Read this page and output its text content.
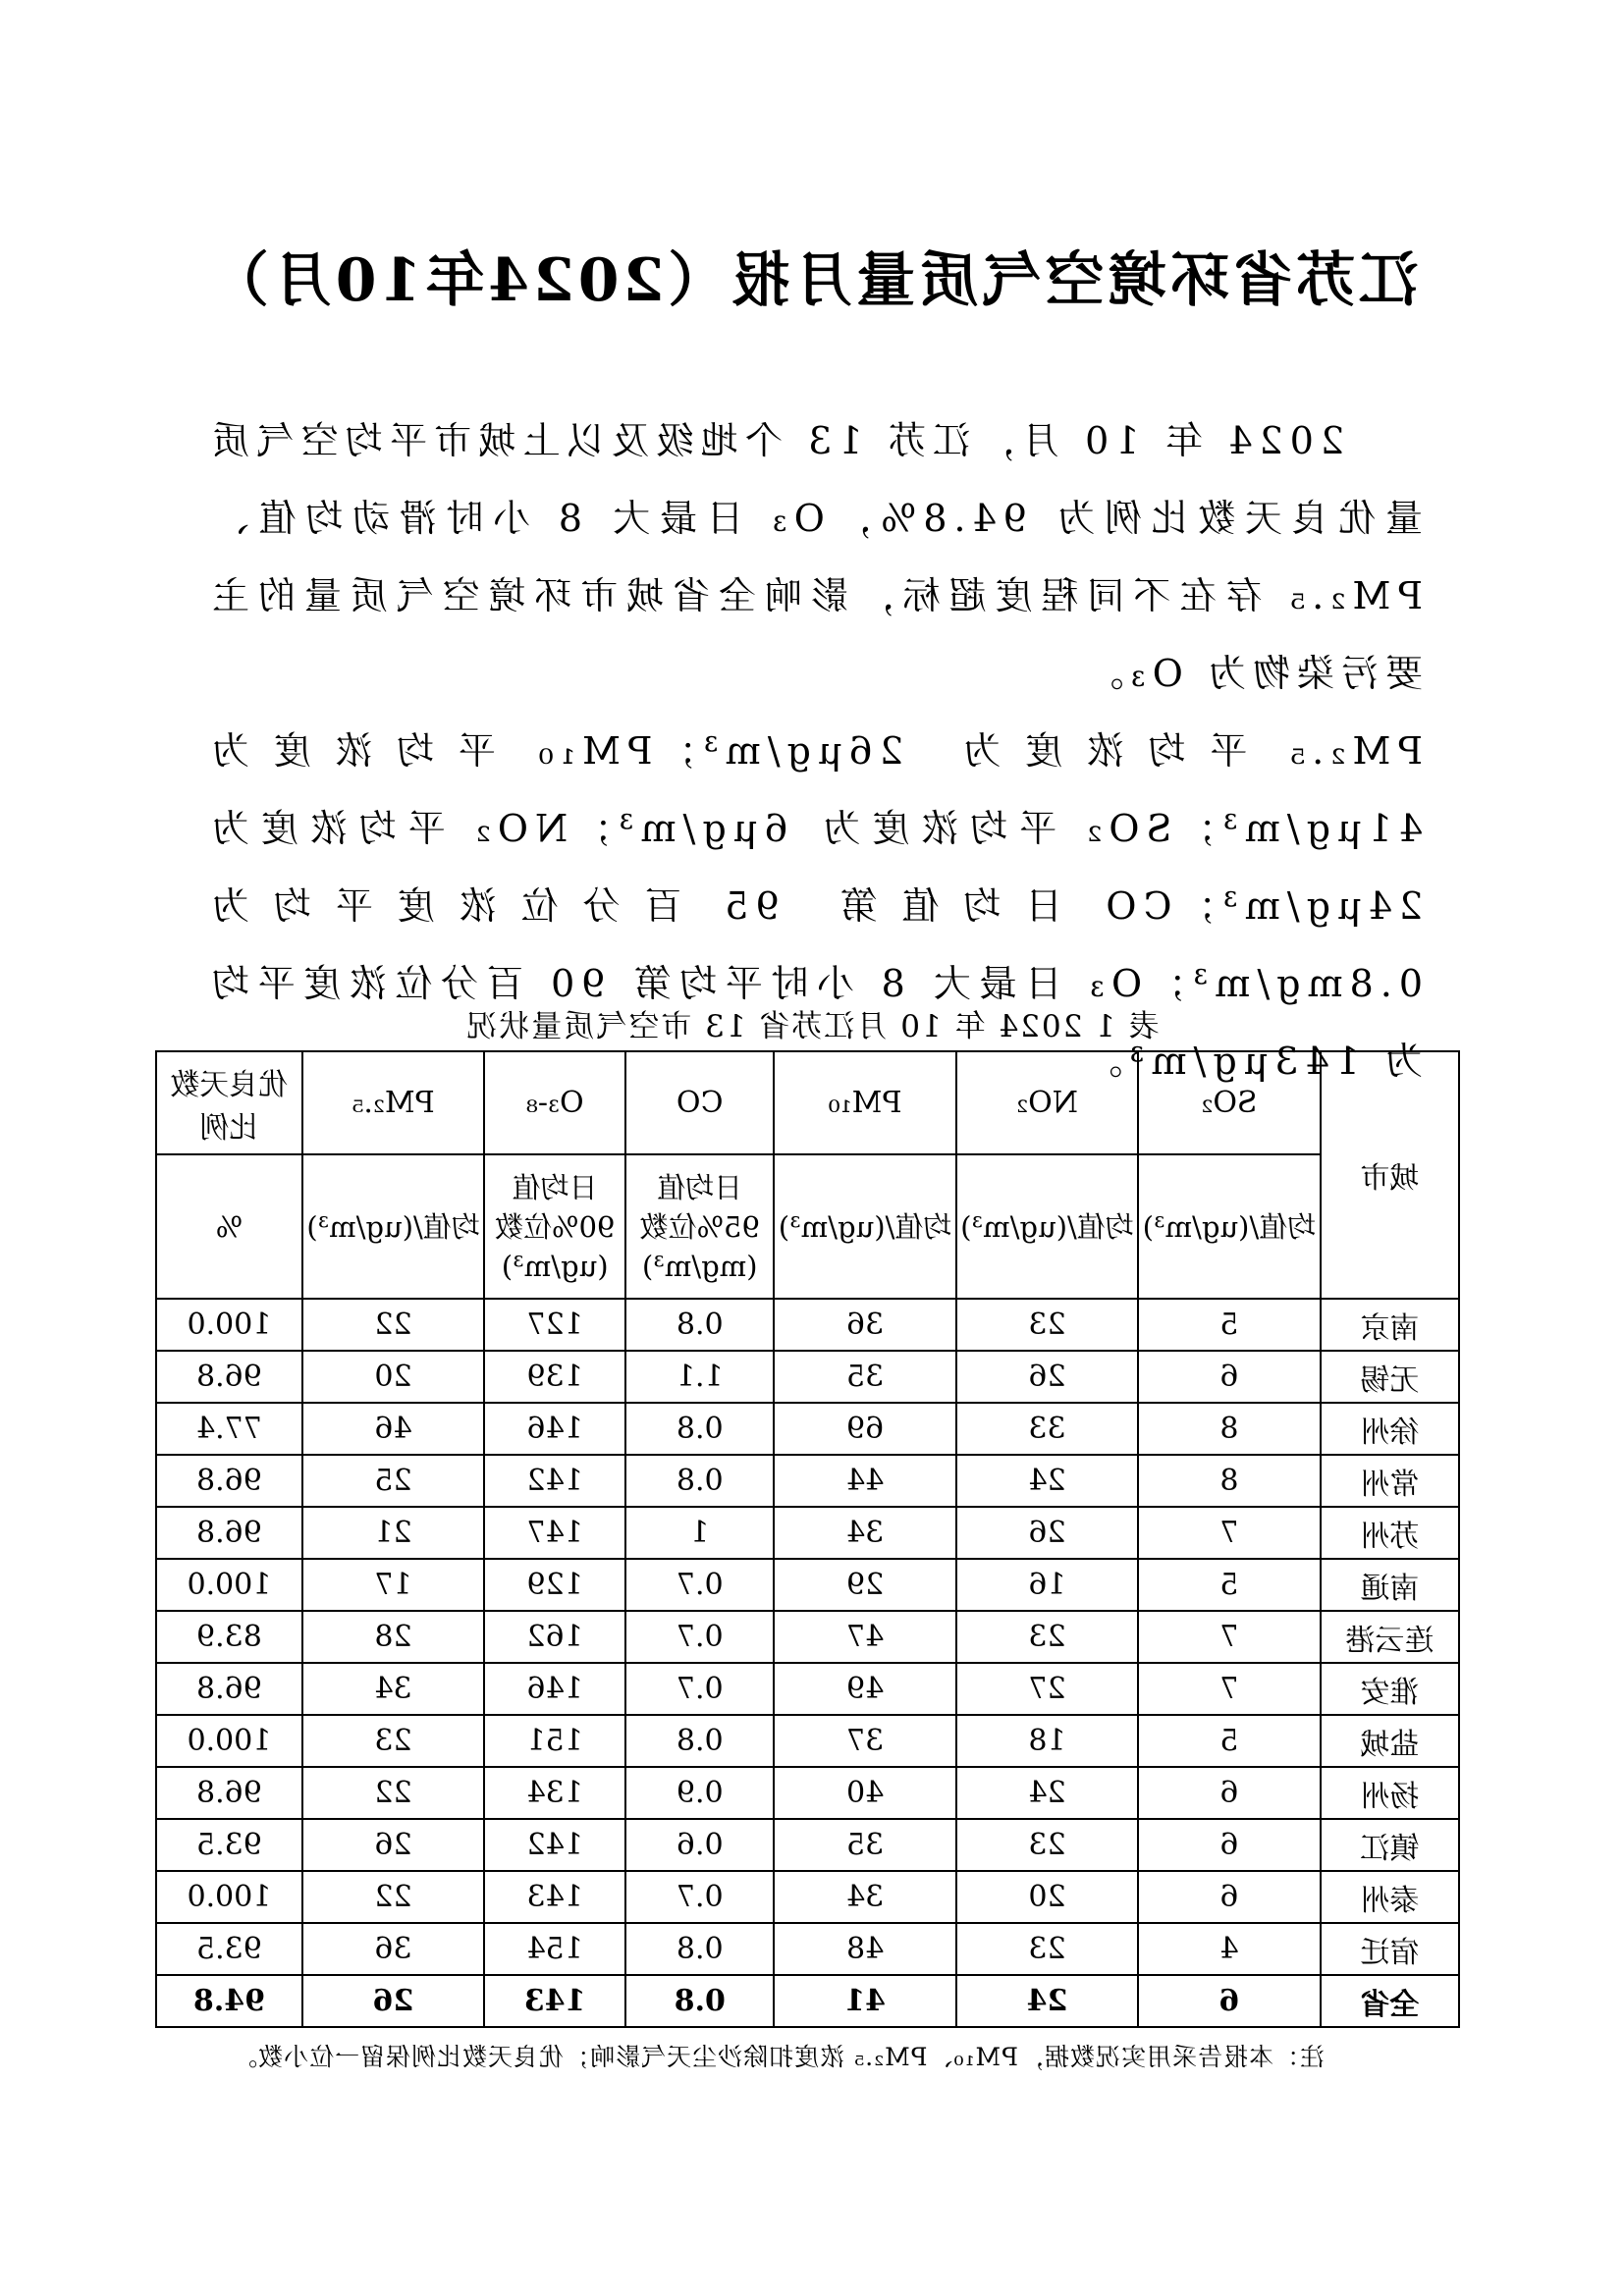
江苏省环境空气质量月报（2024年10月）

2024 年 10 月，江苏 13 个地级及以上城市平均空气质量优良天数比例为 94.8%，O₃ 日最大 8 小时滑动均值、PM₂.₅ 存在不同程度超标，影响全省城市环境空气质量的主要污染物为 O₃。

PM₂.₅ 平均浓度为 26μg/m³；PM₁₀ 平均浓度为 41μg/m³；SO₂ 平均浓度为 6μg/m³；NO₂ 平均浓度为 24μg/m³；CO 日均值第 95 百分位浓度平均为 0.8mg/m³；O₃ 日最大 8 小时平均第 90 百分位浓度平均为 143μg/m³。

表 1 2024 年 10 月江苏省 13 市空气质量状况
城市	SO₂	NO₂	PM₁₀	CO	O₃-₈	PM₂.₅	优良天数比例
	均值/(ug/m³)	均值/(ug/m³)	均值/(ug/m³)	日均值95%位数(mg/m³)	日均值90%位数(ug/m³)	均值/(ug/m³)	%
南京	5	23	36	0.8	127	22	100.0
无锡	6	26	35	1.1	139	20	96.8
徐州	8	33	69	0.8	146	46	77.4
常州	8	24	44	0.8	142	25	96.8
苏州	7	26	34	1	147	21	96.8
南通	5	16	29	0.7	129	17	100.0
连云港	7	23	47	0.7	162	28	83.9
淮安	7	27	49	0.7	146	34	96.8
盐城	5	18	37	0.8	151	23	100.0
扬州	6	24	40	0.9	134	22	96.8
镇江	6	23	35	0.6	142	26	93.5
泰州	6	20	34	0.7	143	22	100.0
宿迁	4	23	48	0.8	154	36	93.5
全省	6	24	41	0.8	143	26	94.8
注：本报告采用实况数据，PM₁₀、PM₂.₅ 浓度扣除沙尘天气影响；优良天数比例保留一位小数。
